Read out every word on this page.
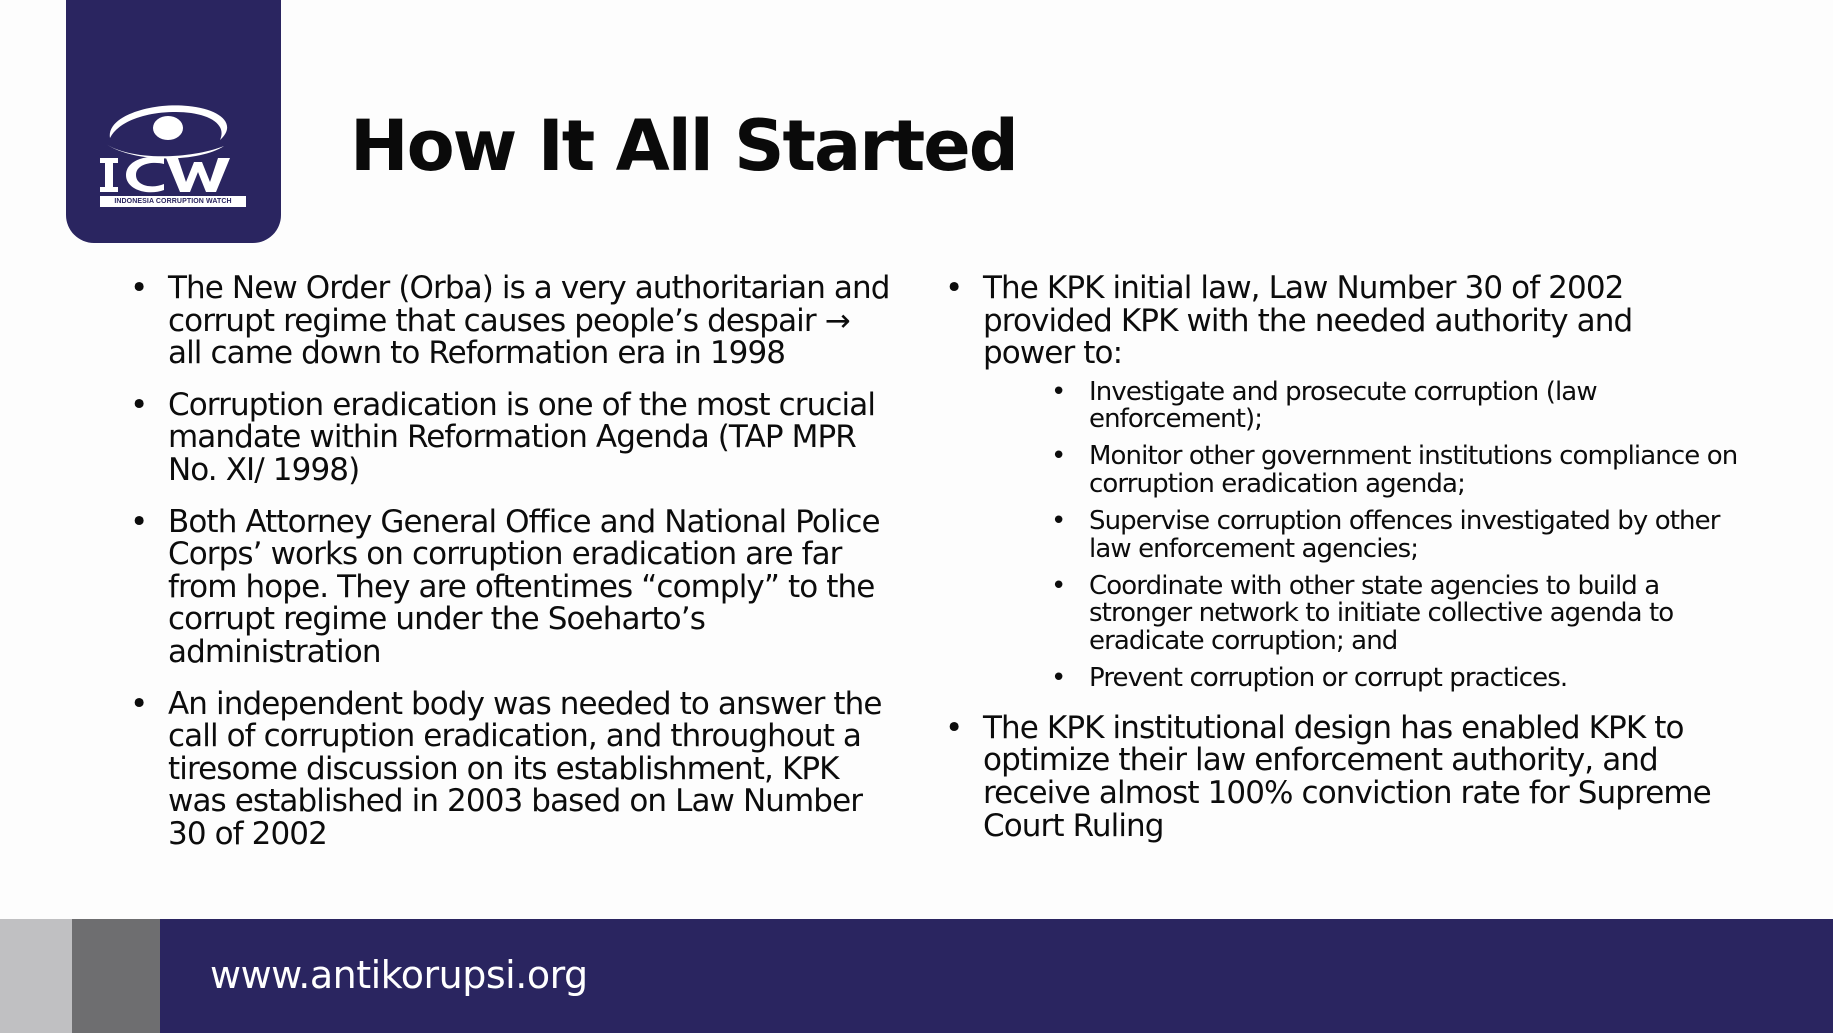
INDONESIA CORRUPTION WATCH
How It All Started
• The New Order (Orba) is a very authoritarian and corrupt regime that causes people’s despair → all came down to Reformation era in 1998
• Corruption eradication is one of the most crucial mandate within Reformation Agenda (TAP MPR No. XI/ 1998)
• Both Attorney General Office and National Police Corps’ works on corruption eradication are far from hope. They are oftentimes “comply” to the corrupt regime under the Soeharto’s administration
• An independent body was needed to answer the call of corruption eradication, and throughout a tiresome discussion on its establishment, KPK was established in 2003 based on Law Number 30 of 2002
• The KPK initial law, Law Number 30 of 2002 provided KPK with the needed authority and power to:
• Investigate and prosecute corruption (law enforcement);
• Monitor other government institutions compliance on corruption eradication agenda;
• Supervise corruption offences investigated by other law enforcement agencies;
• Coordinate with other state agencies to build a stronger network to initiate collective agenda to eradicate corruption; and
• Prevent corruption or corrupt practices.
• The KPK institutional design has enabled KPK to optimize their law enforcement authority, and receive almost 100% conviction rate for Supreme Court Ruling
www.antikorupsi.org
